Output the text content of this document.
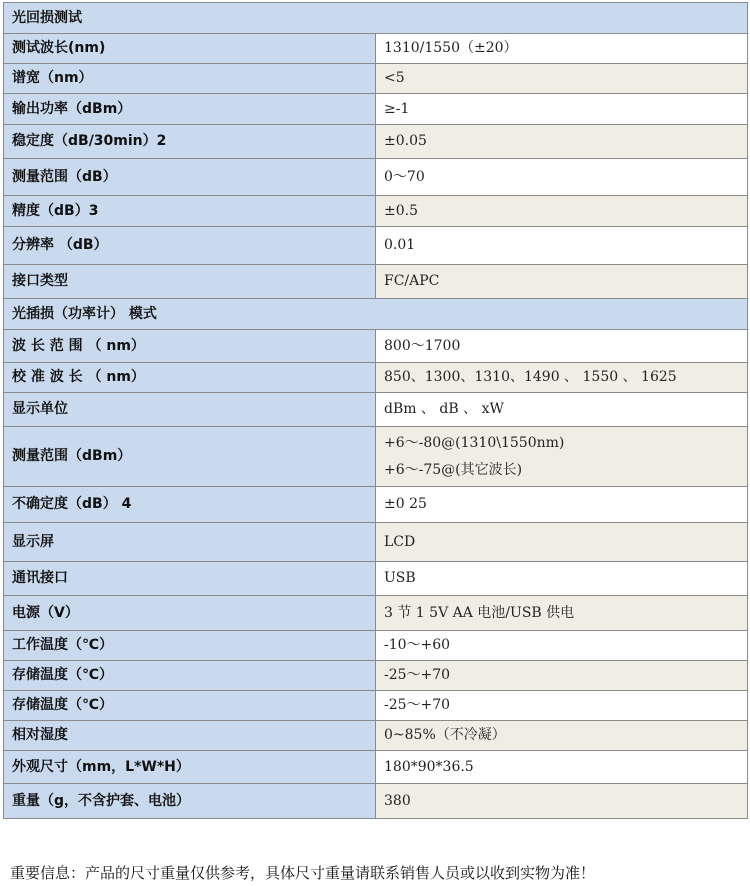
光回损测试	
测试波长(nm)	1310/1550（±20）
谱宽（nm）	<5
输出功率（dBm）	≥-1
稳定度（dB/30min）2	±0.05
测量范围（dB）	0～70
精度（dB）3	±0.5
分辨率 （dB）	0.01
接口类型	FC/APC
光插损（功率计） 模式	
波 长 范 围 （ nm）	800～1700
校 准 波 长 （ nm）	850、1300、1310、1490 、 1550 、 1625
显示单位	dBm 、 dB 、 xW
测量范围（dBm）	+6～-80@(1310\1550nm)
+6～-75@(其它波长)

不确定度（dB） 4	±0 25
显示屏	LCD
通讯接口	USB
电源（V）	3 节 1 5V AA 电池/USB 供电
工作温度（℃）	-10～+60
存储温度（℃）	-25～+70
存储温度（℃）	-25～+70
相对湿度	0~85%（不冷凝）
外观尺寸（mm，L*W*H）	180*90*36.5
重量（g，不含护套、电池）	380
重要信息：产品的尺寸重量仅供参考，具体尺寸重量请联系销售人员或以收到实物为准！
